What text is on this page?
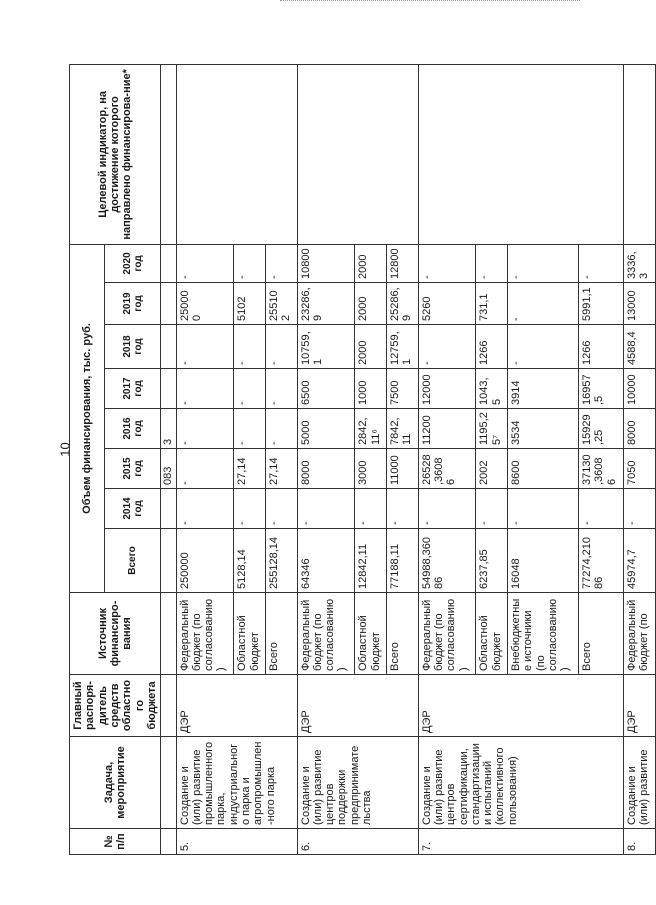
10
№ п/п	Задача, мероприятие	Главный распоря-дитель средств областного бюджета	Источник финансиро-вания	Объем финансирования, тыс. руб.								Целевой индикатор, на достижение которого направлено финансирова-ние*
				Всего	2014 год	2015 год	2016 год	2017 год	2018 год	2019 год	2020 год	
						083	3					
5.	Создание и (или) развитие промышленного парка, индустриального парка и агропромышлен-ного парка	ДЭР	Федеральный бюджет (по согласованию)	250000	-	-	-	-	-	250000	-	
			Областной бюджет	5128,14	-	27,14	-	-	-	5102	-	
			Всего	255128,14	-	27,14	-	-	-	255102	-	
6.	Создание и (или) развитие центров поддержки предпринимательства	ДЭР	Федеральный бюджет (по согласованию)	64346	-	8000	5000	6500	10759,1	23286,9	10800	
			Областной бюджет	12842,11	-	3000	2842,11⁶	1000	2000	2000	2000	
			Всего	77188,11	-	11000	7842,11	7500	12759,1	25286,9	12800	
7.	Создание и (или) развитие центров сертификации, стандартизации и испытаний (коллективного пользования)	ДЭР	Федеральный бюджет (по согласованию)	54988,36086	-	26528,36086	11200	12000	-	5260	-	
			Областной бюджет	6237,85	-	2002	1195,25⁷	1043,5	1266	731,1	-	
			Внебюджетные источники (по согласованию)	16048	-	8600	3534	3914	-	-	-	
			Всего	77274,21086	-	37130,36086	15929,25	16957,5	1266	5991,1	-	
8.	Создание и (или) развитие	ДЭР	Федеральный бюджет (по	45974,7	-	7050	8000	10000	4588,4	13000	3336,3	
